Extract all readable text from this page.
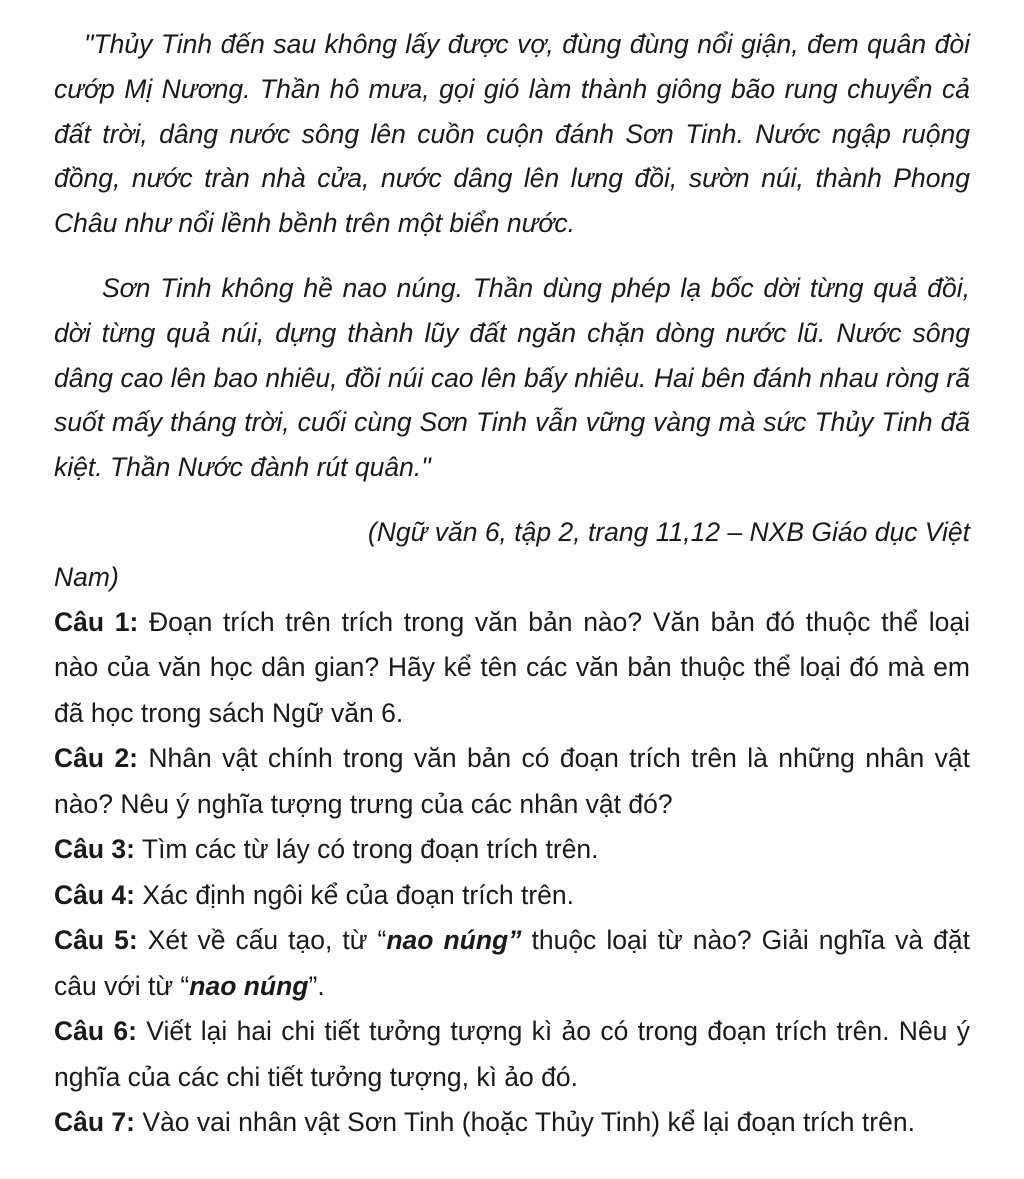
"Thủy Tinh đến sau không lấy được vợ, đùng đùng nổi giận, đem quân đòi cướp Mị Nương. Thần hô mưa, gọi gió làm thành giông bão rung chuyển cả đất trời, dâng nước sông lên cuồn cuộn đánh Sơn Tinh. Nước ngập ruộng đồng, nước tràn nhà cửa, nước dâng lên lưng đồi, sườn núi, thành Phong Châu như nổi lềnh bềnh trên một biển nước.

Sơn Tinh không hề nao núng. Thần dùng phép lạ bốc dời từng quả đồi, dời từng quả núi, dựng thành lũy đất ngăn chặn dòng nước lũ. Nước sông dâng cao lên bao nhiêu, đồi núi cao lên bấy nhiêu. Hai bên đánh nhau ròng rã suốt mấy tháng trời, cuối cùng Sơn Tinh vẫn vững vàng mà sức Thủy Tinh đã kiệt. Thần Nước đành rút quân."

(Ngữ văn 6, tập 2, trang 11,12 – NXB Giáo dục Việt
Nam)

Câu 1: Đoạn trích trên trích trong văn bản nào? Văn bản đó thuộc thể loại nào của văn học dân gian? Hãy kể tên các văn bản thuộc thể loại đó mà em đã học trong sách Ngữ văn 6.

Câu 2: Nhân vật chính trong văn bản có đoạn trích trên là những nhân vật nào? Nêu ý nghĩa tượng trưng của các nhân vật đó?

Câu 3: Tìm các từ láy có trong đoạn trích trên.

Câu 4: Xác định ngôi kể của đoạn trích trên.

Câu 5: Xét về cấu tạo, từ “nao núng” thuộc loại từ nào? Giải nghĩa và đặt câu với từ “nao núng”.

Câu 6: Viết lại hai chi tiết tưởng tượng kì ảo có trong đoạn trích trên. Nêu ý nghĩa của các chi tiết tưởng tượng, kì ảo đó.

Câu 7: Vào vai nhân vật Sơn Tinh (hoặc Thủy Tinh) kể lại đoạn trích trên.
